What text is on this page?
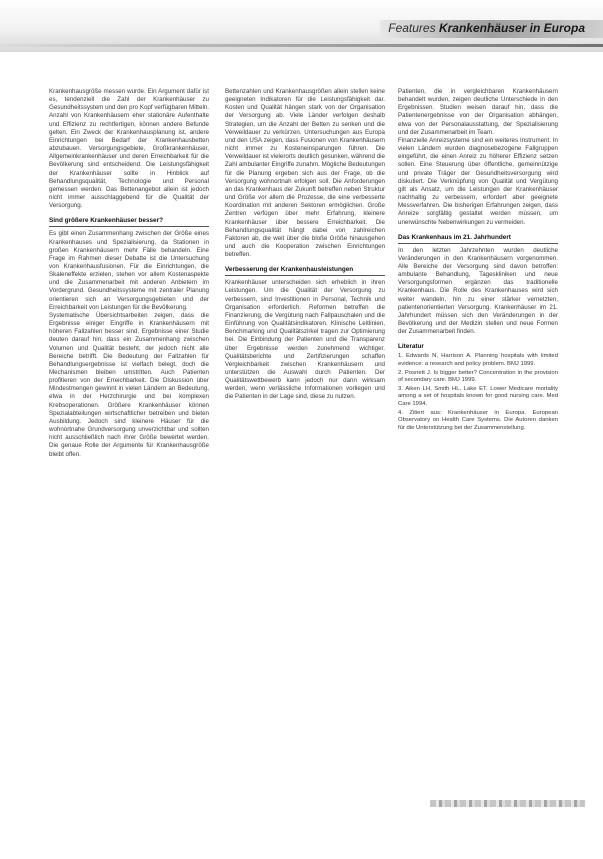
Features Krankenhäuser in Europa

Krankenhausgröße messen wurde. Ein Argument dafür ist es, tendenziell die Zahl der Krankenhäuser zu Gesundheitssystem und den pro Kopf verfügbaren Mitteln. Anzahl von Krankenhäusern eher stationäre Aufenthalte und Effizienz zu rechtfertigen, können andere Befunde gelten. Ein Zweck der Krankenhausplanung ist, andere Einrichtungen bei Bedarf der Krankenhausbetten abzubauen. Versorgungsgebiete, Großkrankenhäuser, Allgemeinkrankenhäuser und deren Erreichbarkeit für die Bevölkerung sind entscheidend. Die Leistungsfähigkeit der Krankenhäuser sollte in Hinblick auf Behandlungsqualität, Technologie und Personal gemessen werden. Das Bettenangebot allein ist jedoch nicht immer ausschlaggebend für die Qualität der Versorgung.

Sind größere Krankenhäuser besser?

Es gibt einen Zusammenhang zwischen der Größe eines Krankenhauses und Spezialisierung, da Stationen in großen Krankenhäusern mehr Fälle behandeln. Eine Frage im Rahmen dieser Debatte ist die Untersuchung von Krankenhausfusionen. Für die Einrichtungen, die Skaleneffekte erzielen, stehen vor allem Kostenaspekte und die Zusammenarbeit mit anderen Anbietern im Vordergrund. Gesundheitssysteme mit zentraler Planung orientieren sich an Versorgungsgebieten und der Erreichbarkeit von Leistungen für die Bevölkerung.

Systematische Übersichtsarbeiten zeigen, dass die Ergebnisse einiger Eingriffe in Krankenhäusern mit höheren Fallzahlen besser sind. Ergebnisse einer Studie deuten darauf hin, dass ein Zusammenhang zwischen Volumen und Qualität besteht, der jedoch nicht alle Bereiche betrifft. Die Bedeutung der Fallzahlen für Behandlungsergebnisse ist vielfach belegt, doch die Mechanismen bleiben umstritten. Auch Patienten profitieren von der Erreichbarkeit. Die Diskussion über Mindestmengen gewinnt in vielen Ländern an Bedeutung, etwa in der Herzchirurgie und bei komplexen Krebsoperationen. Größere Krankenhäuser können Spezialabteilungen wirtschaftlicher betreiben und bieten Ausbildung. Jedoch sind kleinere Häuser für die wohnortnahe Grundversorgung unverzichtbar und sollten nicht ausschließlich nach ihrer Größe bewertet werden. Die genaue Rolle der Argumente für Krankenhausgröße bleibt offen.

Bettenzahlen und Krankenhausgrößen allein stellen keine geeigneten Indikatoren für die Leistungsfähigkeit dar. Kosten und Qualität hängen stark von der Organisation der Versorgung ab. Viele Länder verfolgen deshalb Strategien, um die Anzahl der Betten zu senken und die Verweildauer zu verkürzen. Untersuchungen aus Europa und den USA zeigen, dass Fusionen von Krankenhäusern nicht immer zu Kosteneinsparungen führen. Die Verweildauer ist vielerorts deutlich gesunken, während die Zahl ambulanter Eingriffe zunahm. Mögliche Bedeutungen für die Planung ergeben sich aus der Frage, ob die Versorgung wohnortnah erfolgen soll. Die Anforderungen an das Krankenhaus der Zukunft betreffen neben Struktur und Größe vor allem die Prozesse, die eine verbesserte Koordination mit anderen Sektoren ermöglichen. Große Zentren verfügen über mehr Erfahrung, kleinere Krankenhäuser über bessere Erreichbarkeit. Die Behandlungsqualität hängt dabei von zahlreichen Faktoren ab, die weit über die bloße Größe hinausgehen und auch die Kooperation zwischen Einrichtungen betreffen.

Verbesserung der Krankenhausleistungen

Krankenhäuser unterscheiden sich erheblich in ihren Leistungen. Um die Qualität der Versorgung zu verbessern, sind Investitionen in Personal, Technik und Organisation erforderlich. Reformen betreffen die Finanzierung, die Vergütung nach Fallpauschalen und die Einführung von Qualitätsindikatoren. Klinische Leitlinien, Benchmarking und Qualitätszirkel tragen zur Optimierung bei. Die Einbindung der Patienten und die Transparenz über Ergebnisse werden zunehmend wichtiger. Qualitätsberichte und Zertifizierungen schaffen Vergleichbarkeit zwischen Krankenhäusern und unterstützen die Auswahl durch Patienten. Der Qualitätswettbewerb kann jedoch nur dann wirksam werden, wenn verlässliche Informationen vorliegen und die Patienten in der Lage sind, diese zu nutzen.

Patienten, die in vergleichbaren Krankenhäusern behandelt wurden, zeigen deutliche Unterschiede in den Ergebnissen. Studien weisen darauf hin, dass die Patientenergebnisse von der Organisation abhängen, etwa von der Personalausstattung, der Spezialisierung und der Zusammenarbeit im Team.

Finanzielle Anreizsysteme sind ein weiteres Instrument. In vielen Ländern wurden diagnosebezogene Fallgruppen eingeführt, die einen Anreiz zu höherer Effizienz setzen sollen. Eine Steuerung über öffentliche, gemeinnützige und private Träger der Gesundheitsversorgung wird diskutiert. Die Verknüpfung von Qualität und Vergütung gilt als Ansatz, um die Leistungen der Krankenhäuser nachhaltig zu verbessern, erfordert aber geeignete Messverfahren. Die bisherigen Erfahrungen zeigen, dass Anreize sorgfältig gestaltet werden müssen, um unerwünschte Nebenwirkungen zu vermeiden.

Das Krankenhaus im 21. Jahrhundert

In den letzten Jahrzehnten wurden deutliche Veränderungen in den Krankenhäusern vorgenommen. Alle Bereiche der Versorgung sind davon betroffen: ambulante Behandlung, Tageskliniken und neue Versorgungsformen ergänzen das traditionelle Krankenhaus. Die Rolle des Krankenhauses wird sich weiter wandeln, hin zu einer stärker vernetzten, patientenorientierten Versorgung. Krankenhäuser im 21. Jahrhundert müssen sich den Veränderungen in der Bevölkerung und der Medizin stellen und neue Formen der Zusammenarbeit finden.

Literatur
1. Edwards N, Harrison A. Planning hospitals with limited evidence: a research and policy problem. BMJ 1999.
2. Posnett J. Is bigger better? Concentration in the provision of secondary care. BMJ 1999.
3. Aiken LH, Smith HL, Lake ET. Lower Medicare mortality among a set of hospitals known for good nursing care. Med Care 1994.
4. Zitiert aus: Krankenhäuser in Europa. European Observatory on Health Care Systems. Die Autoren danken für die Unterstützung bei der Zusammenstellung.
